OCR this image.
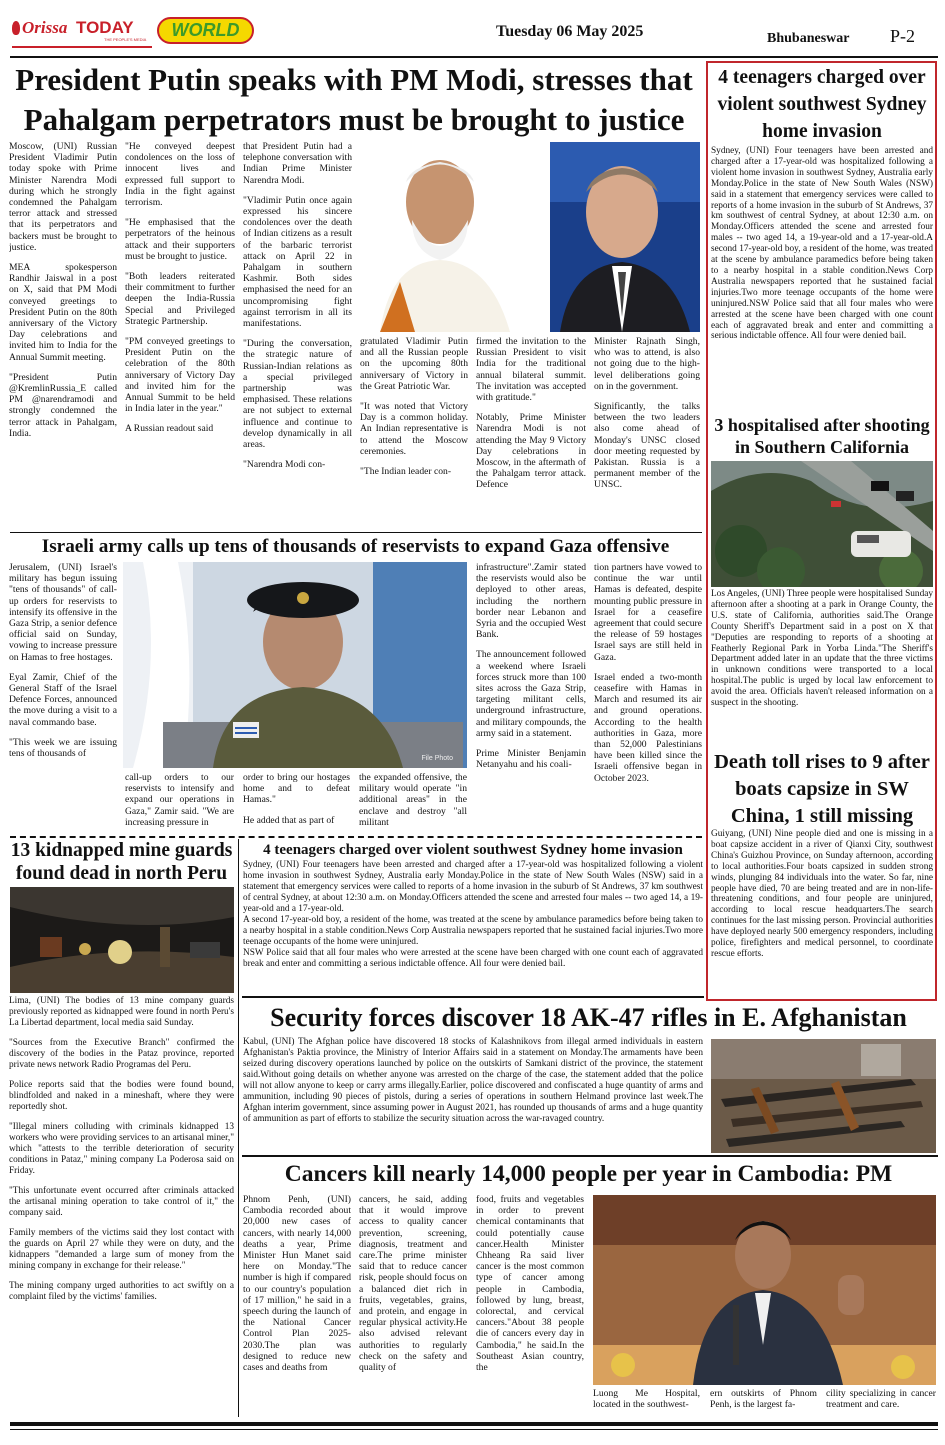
Orissa TODAY
THE PEOPLE'S MEDIA	WORLD	Tuesday 06 May 2025	Bhubaneswar P-2
President Putin speaks with PM Modi, stresses that
Pahalgam perpetrators must be brought to justice

Moscow, (UNI) Russian President Vladimir Putin today spoke with Prime Minister Narendra Modi during which he strongly condemned the Pahalgam terror attack and stressed that its perpetrators and backers must be brought to justice.

MEA spokesperson Randhir Jaiswal in a post on X, said that PM Modi conveyed greetings to President Putin on the 80th anniversary of the Victory Day celebrations and invited him to India for the Annual Summit meeting.

"President Putin @KremlinRussia_E called PM @narendramodi and strongly condemned the terror attack in Pahalgam, India.

"He conveyed deepest condolences on the loss of innocent lives and expressed full support to India in the fight against terrorism.

"He emphasised that the perpetrators of the heinous attack and their supporters must be brought to justice.

"Both leaders reiterated their commitment to further deepen the India-Russia Special and Privileged Strategic Partnership.

"PM conveyed greetings to President Putin on the celebration of the 80th anniversary of Victory Day and invited him for the Annual Summit to be held in India later in the year."

A Russian readout said

that President Putin had a telephone conversation with Indian Prime Minister Narendra Modi.

"Vladimir Putin once again expressed his sincere condolences over the death of Indian citizens as a result of the barbaric terrorist attack on April 22 in Pahalgam in southern Kashmir. Both sides emphasised the need for an uncompromising fight against terrorism in all its manifestations.

"During the conversation, the strategic nature of Russian-Indian relations as a special privileged partnership was emphasised. These relations are not subject to external influence and continue to develop dynamically in all areas.

"Narendra Modi con-

gratulated Vladimir Putin and all the Russian people on the upcoming 80th anniversary of Victory in the Great Patriotic War.

"It was noted that Victory Day is a common holiday. An Indian representative is to attend the Moscow ceremonies.

"The Indian leader con-

firmed the invitation to the Russian President to visit India for the traditional annual bilateral summit. The invitation was accepted with gratitude."

Notably, Prime Minister Narendra Modi is not attending the May 9 Victory Day celebrations in Moscow, in the aftermath of the Pahalgam terror attack. Defence

Minister Rajnath Singh, who was to attend, is also not going due to the high-level deliberations going on in the government.

Significantly, the talks between the two leaders also come ahead of Monday's UNSC closed door meeting requested by Pakistan. Russia is a permanent member of the UNSC.

4 teenagers charged over violent southwest Sydney home invasion
Sydney, (UNI) Four teenagers have been arrested and charged after a 17-year-old was hospitalized following a violent home invasion in southwest Sydney, Australia early Monday.Police in the state of New South Wales (NSW) said in a statement that emergency services were called to reports of a home invasion in the suburb of St Andrews, 37 km southwest of central Sydney, at about 12:30 a.m. on Monday.Officers attended the scene and arrested four males -- two aged 14, a 19-year-old and a 17-year-old.A second 17-year-old boy, a resident of the home, was treated at the scene by ambulance paramedics before being taken to a nearby hospital in a stable condition.News Corp Australia newspapers reported that he sustained facial injuries.Two more teenage occupants of the home were uninjured.NSW Police said that all four males who were arrested at the scene have been charged with one count each of aggravated break and enter and committing a serious indictable offence. All four were denied bail.
3 hospitalised after shooting in Southern California
Los Angeles, (UNI) Three people were hospitalised Sunday afternoon after a shooting at a park in Orange County, the U.S. state of California, authorities said.The Orange County Sheriff's Department said in a post on X that "Deputies are responding to reports of a shooting at Featherly Regional Park in Yorba Linda."The Sheriff's Department added later in an update that the three victims in unknown conditions were transported to a local hospital.The public is urged by local law enforcement to avoid the area. Officials haven't released information on a suspect in the shooting.
Death toll rises to 9 after boats capsize in SW China, 1 still missing
Guiyang, (UNI) Nine people died and one is missing in a boat capsize accident in a river of Qianxi City, southwest China's Guizhou Province, on Sunday afternoon, according to local authorities.Four boats capsized in sudden strong winds, plunging 84 individuals into the water. So far, nine people have died, 70 are being treated and are in non-life-threatening conditions, and four people are uninjured, according to local rescue headquarters.The search continues for the last missing person. Provincial authorities have deployed nearly 500 emergency responders, including police, firefighters and medical personnel, to coordinate rescue efforts.
Israeli army calls up tens of thousands of reservists to expand Gaza offensive

Jerusalem, (UNI) Israel's military has begun issuing "tens of thousands" of call-up orders for reservists to intensify its offensive in the Gaza Strip, a senior defence official said on Sunday, vowing to increase pressure on Hamas to free hostages.

Eyal Zamir, Chief of the General Staff of the Israel Defence Forces, announced the move during a visit to a naval commando base.

"This week we are issuing tens of thousands of	File Photo
call-up orders to our reservists to intensify and expand our operations in Gaza," Zamir said. "We are increasing pressure in

order to bring our hostages home and to defeat Hamas."

He added that as part of

the expanded offensive, the military would operate "in additional areas" in the enclave and destroy "all militant

infrastructure".Zamir stated the reservists would also be deployed to other areas, including the northern border near Lebanon and Syria and the occupied West Bank.

The announcement followed a weekend where Israeli forces struck more than 100 sites across the Gaza Strip, targeting militant cells, underground infrastructure, and military compounds, the army said in a statement.

Prime Minister Benjamin Netanyahu and his coali-

tion partners have vowed to continue the war until Hamas is defeated, despite mounting public pressure in Israel for a ceasefire agreement that could secure the release of 59 hostages Israel says are still held in Gaza.

Israel ended a two-month ceasefire with Hamas in March and resumed its air and ground operations. According to the health authorities in Gaza, more than 52,000 Palestinians have been killed since the Israeli offensive began in October 2023.

13 kidnapped mine guards found dead in north Peru

Lima, (UNI) The bodies of 13 mine company guards previously reported as kidnapped were found in north Peru's La Libertad department, local media said Sunday.

"Sources from the Executive Branch" confirmed the discovery of the bodies in the Pataz province, reported private news network Radio Programas del Peru.

Police reports said that the bodies were found bound, blindfolded and naked in a mineshaft, where they were reportedly shot.

"Illegal miners colluding with criminals kidnapped 13 workers who were providing services to an artisanal miner," which "attests to the terrible deterioration of security conditions in Pataz," mining company La Poderosa said on Friday.

"This unfortunate event occurred after criminals attacked the artisanal mining operation to take control of it," the company said.

Family members of the victims said they lost contact with the guards on April 27 while they were on duty, and the kidnappers "demanded a large sum of money from the mining company in exchange for their release."

The mining company urged authorities to act swiftly on a complaint filed by the victims' families.

4 teenagers charged over violent southwest Sydney home invasion

Sydney, (UNI) Four teenagers have been arrested and charged after a 17-year-old was hospitalized following a violent home invasion in southwest Sydney, Australia early Monday.Police in the state of New South Wales (NSW) said in a statement that emergency services were called to reports of a home invasion in the suburb of St Andrews, 37 km southwest of central Sydney, at about 12:30 a.m. on Monday.Officers attended the scene and arrested four males -- two aged 14, a 19-year-old and a 17-year-old.

A second 17-year-old boy, a resident of the home, was treated at the scene by ambulance paramedics before being taken to a nearby hospital in a stable condition.News Corp Australia newspapers reported that he sustained facial injuries.Two more teenage occupants of the home were uninjured.

NSW Police said that all four males who were arrested at the scene have been charged with one count each of aggravated break and enter and committing a serious indictable offence. All four were denied bail.

Security forces discover 18 AK-47 rifles in E. Afghanistan
Kabul, (UNI) The Afghan police have discovered 18 stocks of Kalashnikovs from illegal armed individuals in eastern Afghanistan's Paktia province, the Ministry of Interior Affairs said in a statement on Monday.The armaments have been seized during discovery operations launched by police on the outskirts of Samkani district of the province, the statement said.Without going details on whether anyone was arrested on the charge of the case, the statement added that the police will not allow anyone to keep or carry arms illegally.Earlier, police discovered and confiscated a huge quantity of arms and ammunition, including 90 pieces of pistols, during a series of operations in southern Helmand province last week.The Afghan interim government, since assuming power in August 2021, has rounded up thousands of arms and a huge quantity of ammunition as part of efforts to stabilize the security situation across the war-ravaged country.
Cancers kill nearly 14,000 people per year in Cambodia: PM
Phnom Penh, (UNI) Cambodia recorded about 20,000 new cases of cancers, with nearly 14,000 deaths a year, Prime Minister Hun Manet said here on Monday."The number is high if compared to our country's population of 17 million," he said in a speech during the launch of the National Cancer Control Plan 2025-2030.The plan was designed to reduce new cases and deaths from
cancers, he said, adding that it would improve access to quality cancer prevention, screening, diagnosis, treatment and care.The prime minister said that to reduce cancer risk, people should focus on a balanced diet rich in fruits, vegetables, grains, and protein, and engage in regular physical activity.He also advised relevant authorities to regularly check on the safety and quality of
food, fruits and vegetables in order to prevent chemical contaminants that could potentially cause cancer.Health Minister Chheang Ra said liver cancer is the most common type of cancer among people in Cambodia, followed by lung, breast, colorectal, and cervical cancers."About 38 people die of cancers every day in Cambodia," he said.In the Southeast Asian country, the
Luong Me Hospital, located in the southwest-
ern outskirts of Phnom Penh, is the largest fa-
cility specializing in cancer treatment and care.
